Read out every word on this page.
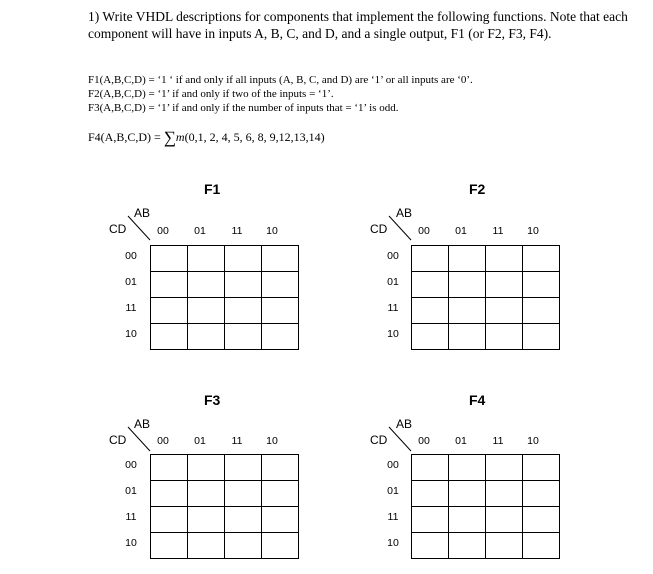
1) Write VHDL descriptions for components that implement the following functions. Note that each component will have in inputs A, B, C, and D, and a single output, F1 (or F2, F3, F4).
F1(A,B,C,D) = ‘1 ‘ if and only if all inputs (A, B, C, and D) are ‘1’ or all inputs are ‘0’.
F2(A,B,C,D) = ‘1’ if and only if two of the inputs = ‘1’.
F3(A,B,C,D) = ‘1’ if and only if the number of inputs that = ‘1’ is odd.
F4(A,B,C,D) = ∑m(0,1, 2, 4, 5, 6, 8, 9,12,13,14)
F1
AB
CD	00	01	11	10
00
01
11
10

F2
AB
CD	00	01	11	10
00
01
11
10

F3
AB
CD	00	01	11	10
00
01
11
10

F4
AB
CD	00	01	11	10
00
01
11
10
